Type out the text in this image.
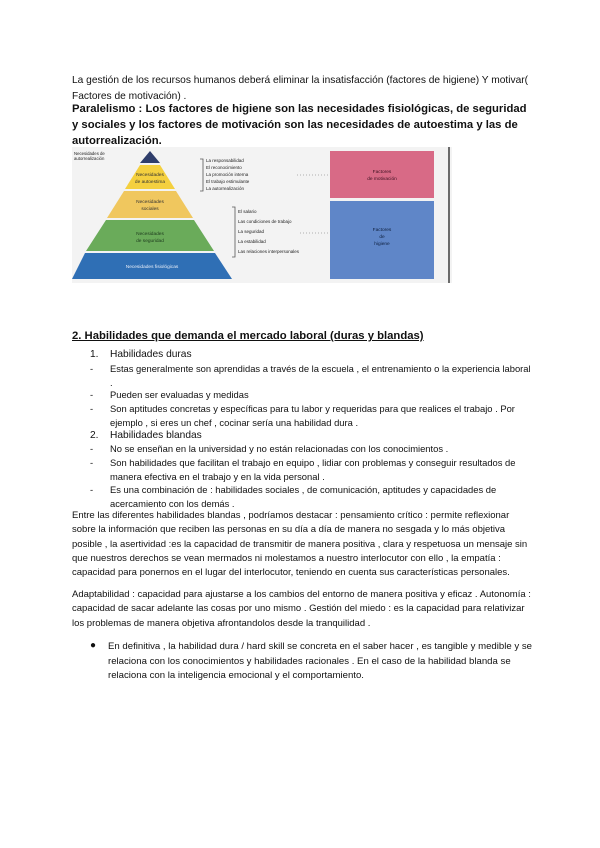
La gestión de los recursos humanos deberá eliminar la insatisfacción (factores de higiene) Y motivar( Factores de motivación) .

Paralelismo : Los factores de higiene son las necesidades fisiológicas, de seguridad y sociales y los factores de motivación son las necesidades de autoestima y las de autorrealización.

Necesidades de
autorrealización
Necesidades
de autoestima
Necesidades
sociales
Necesidades
de seguridad
Necesidades fisiológicas
La responsabilidad
El reconocimiento
La promoción interna
El trabajo estimulante
La autorrealización
El salario
Las condiciones de trabajo
La seguridad
La estabilidad
Las relaciones interpersonales
Factores
de motivación
Factores
de
higiene
2. Habilidades que demanda el mercado laboral (duras y blandas)
1. Habilidades duras
- Estas generalmente son aprendidas a través de la escuela , el entrenamiento o la experiencia laboral .
- Pueden ser evaluadas y medidas
- Son aptitudes concretas y específicas para tu labor y requeridas para que realices el trabajo . Por ejemplo , si eres un chef , cocinar sería una habilidad dura .
2. Habilidades blandas
- No se enseñan en la universidad y no están relacionadas con los conocimientos .
- Son habilidades que facilitan el trabajo en equipo , lidiar con problemas y conseguir resultados de manera efectiva en el trabajo y en la vida personal .
- Es una combinación de : habilidades sociales , de comunicación, aptitudes y capacidades de acercamiento con los demás .

Entre las diferentes habilidades blandas , podríamos destacar : pensamiento crítico : permite reflexionar sobre la información que reciben las personas en su día a día de manera no sesgada y lo más objetiva posible , la asertividad :es la capacidad de transmitir de manera positiva , clara y respetuosa un mensaje sin que nuestros derechos se vean mermados ni molestamos a nuestro interlocutor con ello , la empatía : capacidad para ponernos en el lugar del interlocutor, teniendo en cuenta sus características personales.

Adaptabilidad : capacidad para ajustarse a los cambios del entorno de manera positiva y eficaz . Autonomía : capacidad de sacar adelante las cosas por uno mismo . Gestión del miedo : es la capacidad para relativizar los problemas de manera objetiva afrontandolos desde la tranquilidad .

● En definitiva , la habilidad dura / hard skill se concreta en el saber hacer , es tangible y medible y se relaciona con los conocimientos y habilidades racionales . En el caso de la habilidad blanda se relaciona con la inteligencia emocional y el comportamiento.
